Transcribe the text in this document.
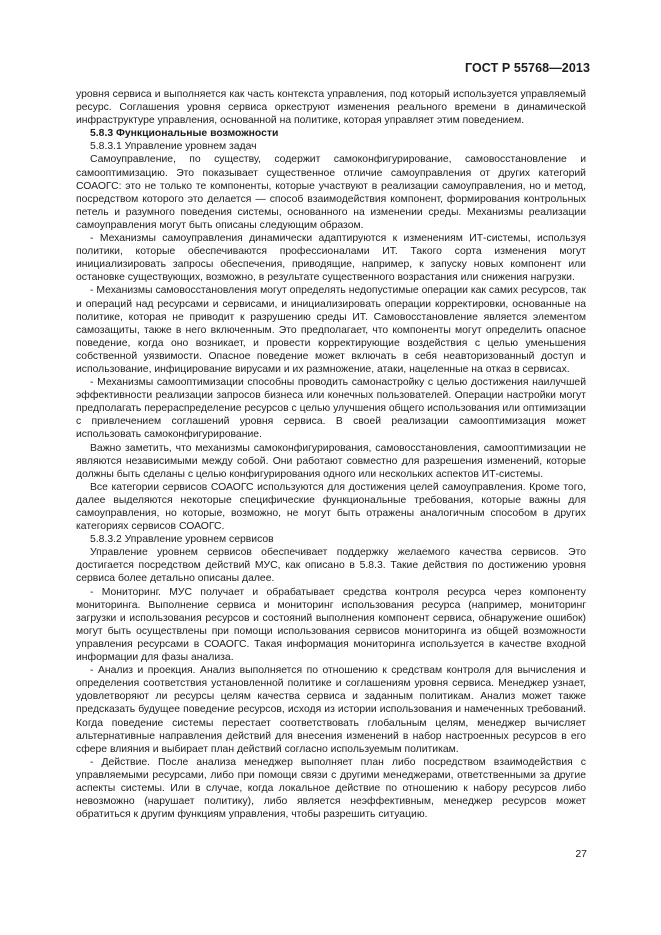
ГОСТ Р 55768—2013

уровня сервиса и выполняется как часть контекста управления, под который используется управляемый ресурс. Соглашения уровня сервиса оркеструют изменения реального времени в динамической инфраструктуре управления, основанной на политике, которая управляет этим поведением.

5.8.3 Функциональные возможности

5.8.3.1 Управление уровнем задач

Самоуправление, по существу, содержит самоконфигурирование, самовосстановление и самооптимизацию. Это показывает существенное отличие самоуправления от других категорий СОАОГС: это не только те компоненты, которые участвуют в реализации самоуправления, но и метод, посредством которого это делается — способ взаимодействия компонент, формирования контрольных петель и разумного поведения системы, основанного на изменении среды. Механизмы реализации самоуправления могут быть описаны следующим образом.

- Механизмы самоуправления динамически адаптируются к изменениям ИТ-системы, используя политики, которые обеспечиваются профессионалами ИТ. Такого сорта изменения могут инициализировать запросы обеспечения, приводящие, например, к запуску новых компонент или остановке существующих, возможно, в результате существенного возрастания или снижения нагрузки.

- Механизмы самовосстановления могут определять недопустимые операции как самих ресурсов, так и операций над ресурсами и сервисами, и инициализировать операции корректировки, основанные на политике, которая не приводит к разрушению среды ИТ. Самовосстановление является элементом самозащиты, также в него включенным. Это предполагает, что компоненты могут определить опасное поведение, когда оно возникает, и провести корректирующие воздействия с целью уменьшения собственной уязвимости. Опасное поведение может включать в себя неавторизованный доступ и использование, инфицирование вирусами и их размножение, атаки, нацеленные на отказ в сервисах.

- Механизмы самооптимизации способны проводить самонастройку с целью достижения наилучшей эффективности реализации запросов бизнеса или конечных пользователей. Операции настройки могут предполагать перераспределение ресурсов с целью улучшения общего использования или оптимизации с привлечением соглашений уровня сервиса. В своей реализации самооптимизация может использовать самоконфигурирование.

Важно заметить, что механизмы самоконфигурирования, самовосстановления, самооптимизации не являются независимыми между собой. Они работают совместно для разрешения изменений, которые должны быть сделаны с целью конфигурирования одного или нескольких аспектов ИТ-системы.

Все категории сервисов СОАОГС используются для достижения целей самоуправления. Кроме того, далее выделяются некоторые специфические функциональные требования, которые важны для самоуправления, но которые, возможно, не могут быть отражены аналогичным способом в других категориях сервисов СОАОГС.

5.8.3.2 Управление уровнем сервисов

Управление уровнем сервисов обеспечивает поддержку желаемого качества сервисов. Это достигается посредством действий МУС, как описано в 5.8.3. Такие действия по достижению уровня сервиса более детально описаны далее.

- Мониторинг. МУС получает и обрабатывает средства контроля ресурса через компоненту мониторинга. Выполнение сервиса и мониторинг использования ресурса (например, мониторинг загрузки и использования ресурсов и состояний выполнения компонент сервиса, обнаружение ошибок) могут быть осуществлены при помощи использования сервисов мониторинга из общей возможности управления ресурсами в СОАОГС. Такая информация мониторинга используется в качестве входной информации для фазы анализа.

- Анализ и проекция. Анализ выполняется по отношению к средствам контроля для вычисления и определения соответствия установленной политике и соглашениям уровня сервиса. Менеджер узнает, удовлетворяют ли ресурсы целям качества сервиса и заданным политикам. Анализ может также предсказать будущее поведение ресурсов, исходя из истории использования и намеченных требований. Когда поведение системы перестает соответствовать глобальным целям, менеджер вычисляет альтернативные направления действий для внесения изменений в набор настроенных ресурсов в его сфере влияния и выбирает план действий согласно используемым политикам.

- Действие. После анализа менеджер выполняет план либо посредством взаимодействия с управляемыми ресурсами, либо при помощи связи с другими менеджерами, ответственными за другие аспекты системы. Или в случае, когда локальное действие по отношению к набору ресурсов либо невозможно (нарушает политику), либо является неэффективным, менеджер ресурсов может обратиться к другим функциям управления, чтобы разрешить ситуацию.

27
